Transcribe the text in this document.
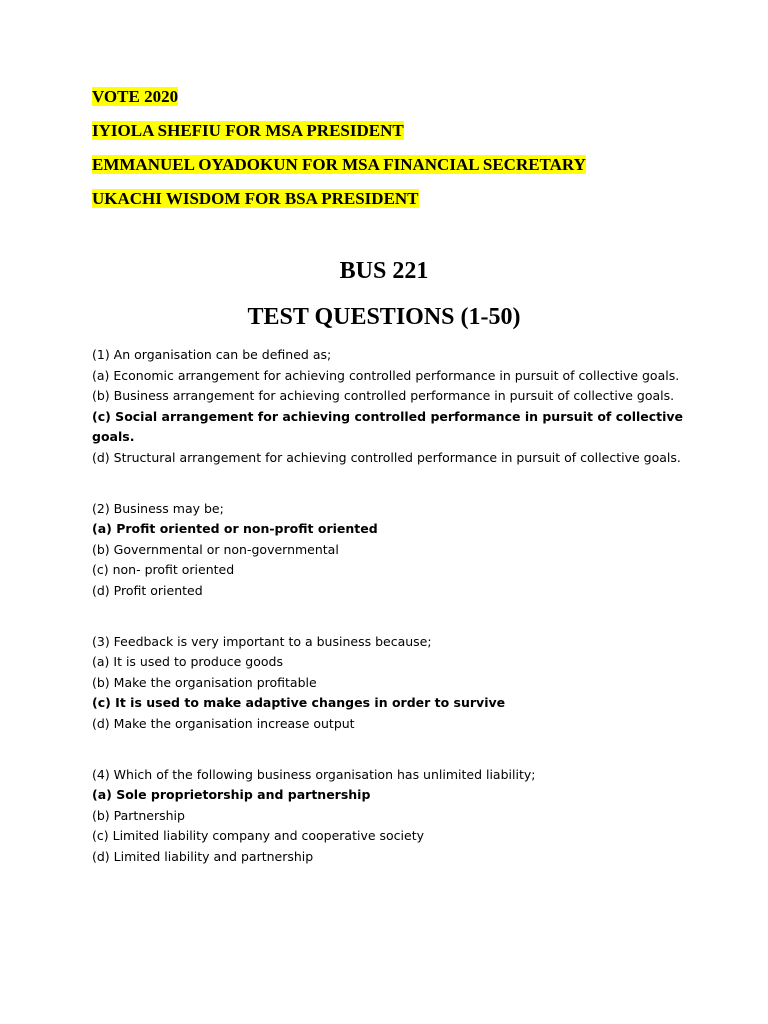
VOTE 2020

IYIOLA SHEFIU FOR MSA PRESIDENT

EMMANUEL OYADOKUN FOR MSA FINANCIAL SECRETARY

UKACHI WISDOM FOR BSA PRESIDENT

BUS 221
TEST QUESTIONS (1-50)

(1) An organisation can be defined as;

(a) Economic arrangement for achieving controlled performance in pursuit of collective goals.

(b) Business arrangement for achieving controlled performance in pursuit of collective goals.

(c) Social arrangement for achieving controlled performance in pursuit of collective goals.

(d) Structural arrangement for achieving controlled performance in pursuit of collective goals.

(2) Business may be;

(a) Profit oriented or non-profit oriented

(b) Governmental or non-governmental

(c) non- profit oriented

(d) Profit oriented

(3) Feedback is very important to a business because;

(a) It is used to produce goods

(b) Make the organisation profitable

(c) It is used to make adaptive changes in order to survive

(d) Make the organisation increase output

(4) Which of the following business organisation has unlimited liability;

(a) Sole proprietorship and partnership

(b) Partnership

(c) Limited liability company and cooperative society

(d) Limited liability and partnership
